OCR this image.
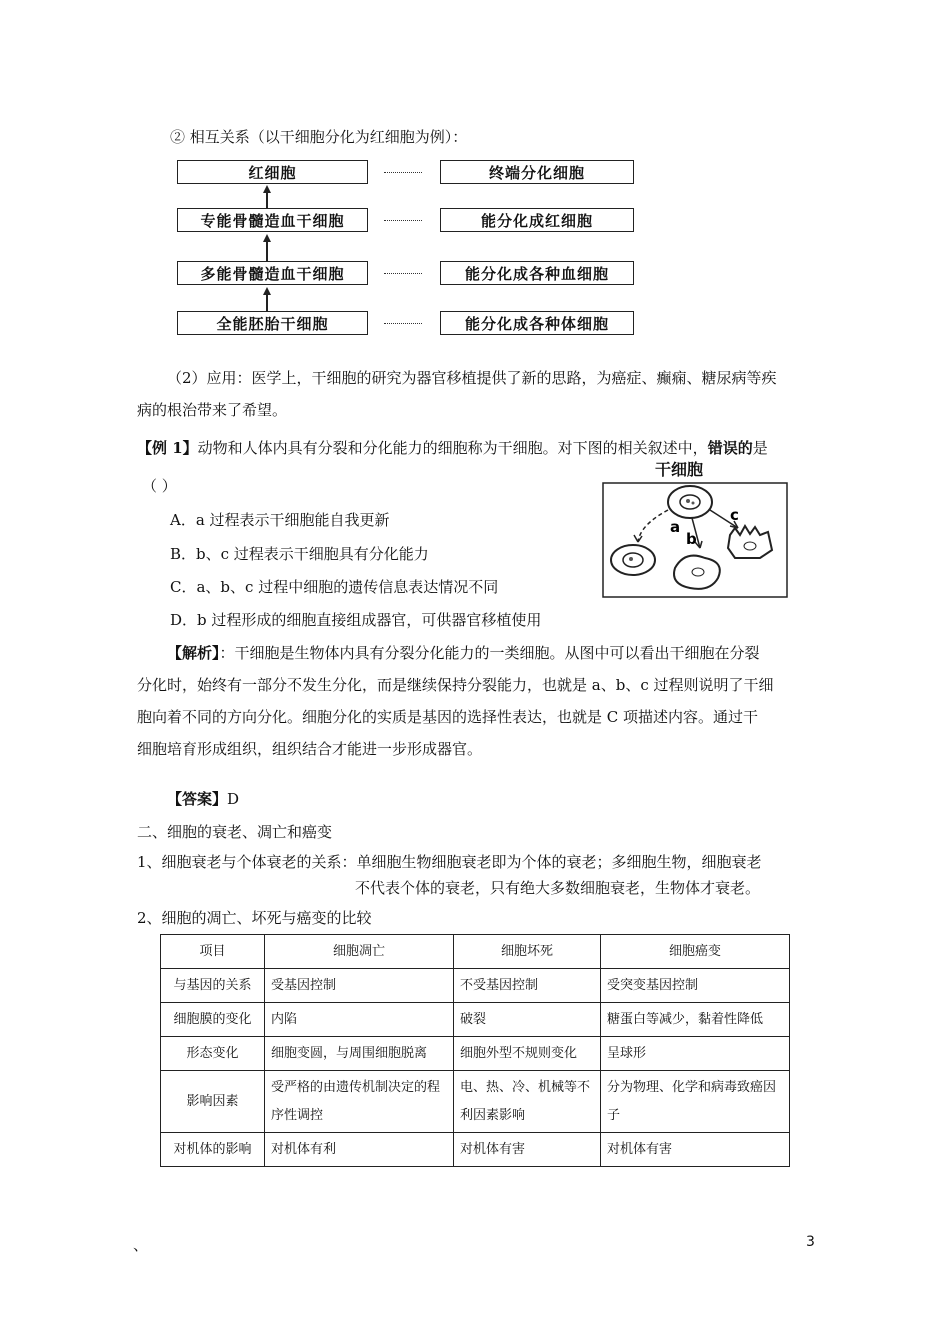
② 相互关系（以干细胞分化为红细胞为例）：
红细胞
专能骨髓造血干细胞
多能骨髓造血干细胞
全能胚胎干细胞
终端分化细胞
能分化成红细胞
能分化成各种血细胞
能分化成各种体细胞
（2）应用：医学上，干细胞的研究为器官移植提供了新的思路，为癌症、癫痫、糖尿病等疾
病的根治带来了希望。
【例 1】动物和人体内具有分裂和分化能力的细胞称为干细胞。对下图的相关叙述中，错误的是
（ ）
A．a 过程表示干细胞能自我更新
B．b、c 过程表示干细胞具有分化能力
C．a、b、c 过程中细胞的遗传信息表达情况不同
D．b 过程形成的细胞直接组成器官，可供器官移植使用
干细胞
a
b
c
【解析】：干细胞是生物体内具有分裂分化能力的一类细胞。从图中可以看出干细胞在分裂
分化时，始终有一部分不发生分化，而是继续保持分裂能力，也就是 a、b、c 过程则说明了干细
胞向着不同的方向分化。细胞分化的实质是基因的选择性表达，也就是 C 项描述内容。通过干
细胞培育形成组织，组织结合才能进一步形成器官。
【答案】D
二、细胞的衰老、凋亡和癌变
1、细胞衰老与个体衰老的关系：单细胞生物细胞衰老即为个体的衰老；多细胞生物，细胞衰老
不代表个体的衰老，只有绝大多数细胞衰老，生物体才衰老。
2、细胞的凋亡、坏死与癌变的比较
项目	细胞凋亡	细胞坏死	细胞癌变
与基因的关系	受基因控制	不受基因控制	受突变基因控制
细胞膜的变化	内陷	破裂	糖蛋白等减少，黏着性降低
形态变化	细胞变圆，与周围细胞脱离	细胞外型不规则变化	呈球形
影响因素	受严格的由遗传机制决定的程序性调控	电、热、冷、机械等不利因素影响	分为物理、化学和病毒致癌因子
对机体的影响	对机体有利	对机体有害	对机体有害
、	3
